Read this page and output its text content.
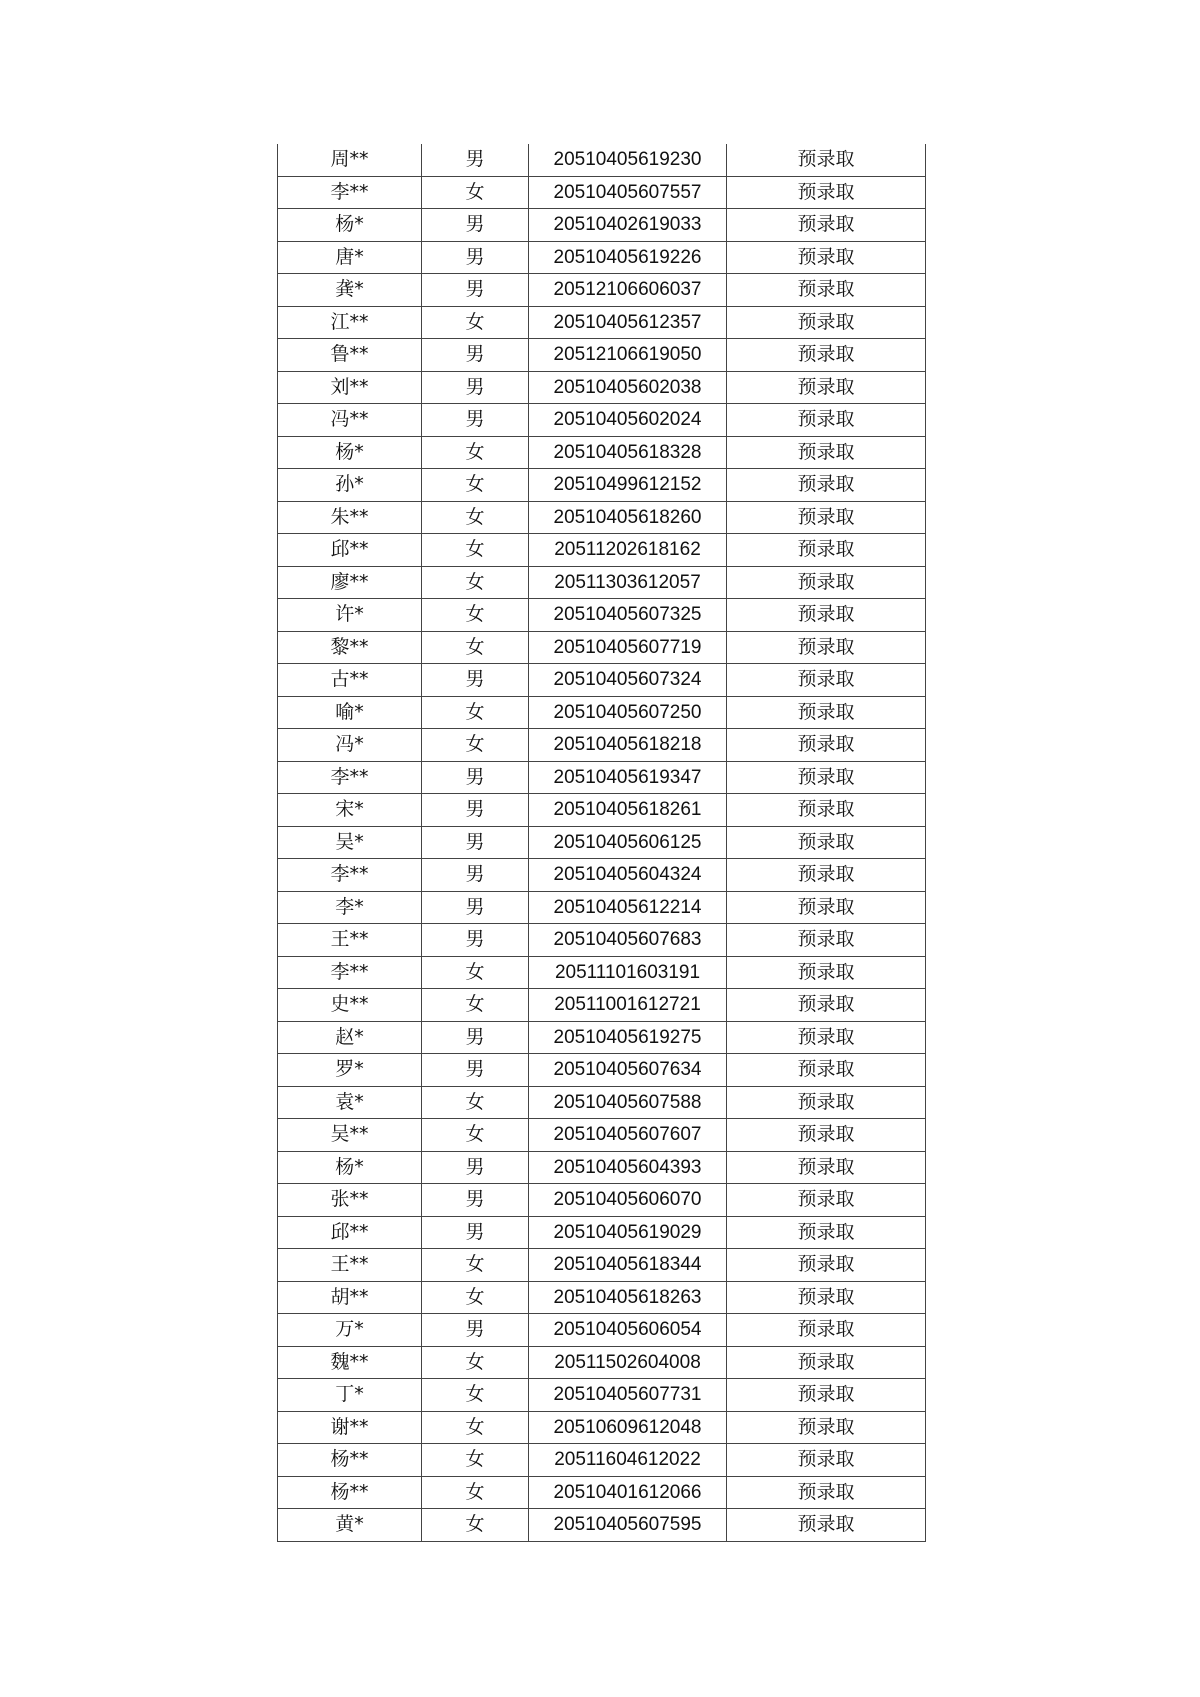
周**	男	20510405619230	预录取
李**	女	20510405607557	预录取
杨*	男	20510402619033	预录取
唐*	男	20510405619226	预录取
龚*	男	20512106606037	预录取
江**	女	20510405612357	预录取
鲁**	男	20512106619050	预录取
刘**	男	20510405602038	预录取
冯**	男	20510405602024	预录取
杨*	女	20510405618328	预录取
孙*	女	20510499612152	预录取
朱**	女	20510405618260	预录取
邱**	女	20511202618162	预录取
廖**	女	20511303612057	预录取
许*	女	20510405607325	预录取
黎**	女	20510405607719	预录取
古**	男	20510405607324	预录取
喻*	女	20510405607250	预录取
冯*	女	20510405618218	预录取
李**	男	20510405619347	预录取
宋*	男	20510405618261	预录取
吴*	男	20510405606125	预录取
李**	男	20510405604324	预录取
李*	男	20510405612214	预录取
王**	男	20510405607683	预录取
李**	女	20511101603191	预录取
史**	女	20511001612721	预录取
赵*	男	20510405619275	预录取
罗*	男	20510405607634	预录取
袁*	女	20510405607588	预录取
吴**	女	20510405607607	预录取
杨*	男	20510405604393	预录取
张**	男	20510405606070	预录取
邱**	男	20510405619029	预录取
王**	女	20510405618344	预录取
胡**	女	20510405618263	预录取
万*	男	20510405606054	预录取
魏**	女	20511502604008	预录取
丁*	女	20510405607731	预录取
谢**	女	20510609612048	预录取
杨**	女	20511604612022	预录取
杨**	女	20510401612066	预录取
黄*	女	20510405607595	预录取
